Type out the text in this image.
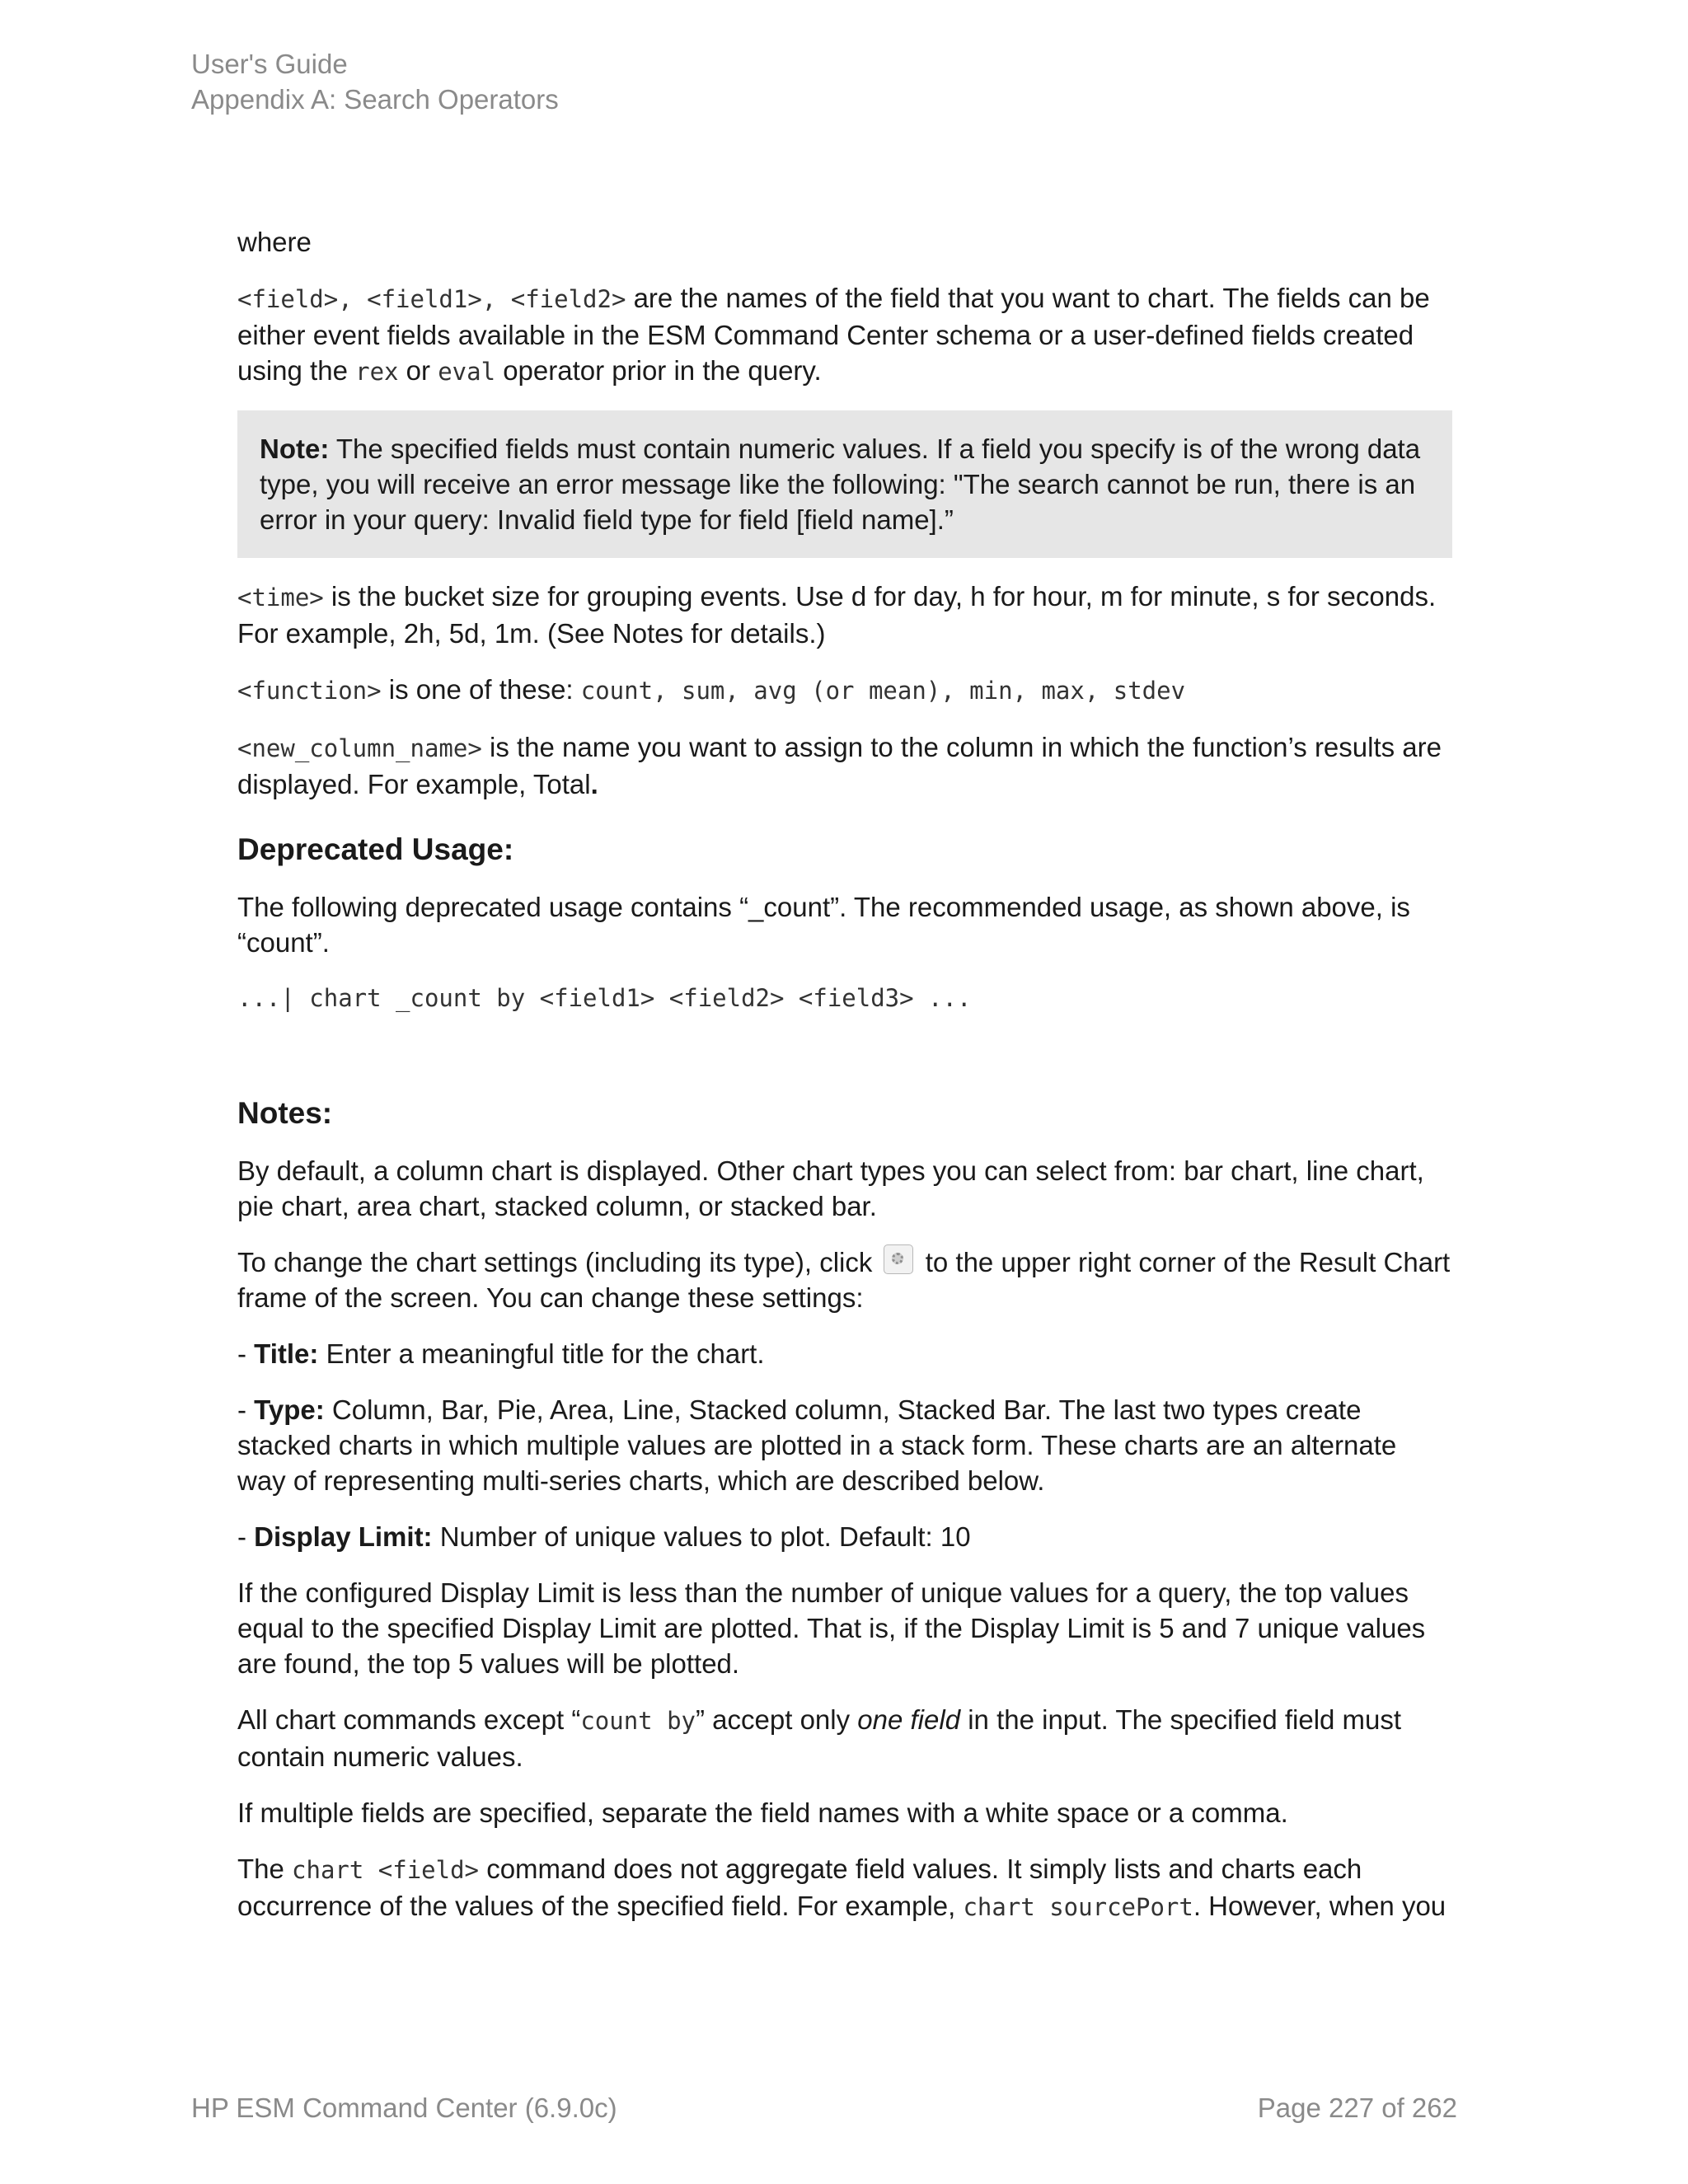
User's Guide
Appendix A: Search Operators
where
<field>, <field1>, <field2> are the names of the field that you want to chart. The fields can be either event fields available in the ESM Command Center schema or a user-defined fields created using the rex or eval operator prior in the query.
Note: The specified fields must contain numeric values. If a field you specify is of the wrong data type, you will receive an error message like the following: "The search cannot be run, there is an error in your query: Invalid field type for field [field name].”
<time> is the bucket size for grouping events. Use d for day, h for hour, m for minute, s for seconds. For example, 2h, 5d, 1m. (See Notes for details.)
<function> is one of these: count, sum, avg (or mean), min, max, stdev
<new_column_name> is the name you want to assign to the column in which the function’s results are displayed. For example, Total.
Deprecated Usage:
The following deprecated usage contains “_count”. The recommended usage, as shown above, is “count”.
...| chart _count by <field1> <field2> <field3> ...
Notes:
By default, a column chart is displayed. Other chart types you can select from: bar chart, line chart, pie chart, area chart, stacked column, or stacked bar.
To change the chart settings (including its type), click  to the upper right corner of the Result Chart frame of the screen. You can change these settings:
- Title: Enter a meaningful title for the chart.
- Type: Column, Bar, Pie, Area, Line, Stacked column, Stacked Bar. The last two types create stacked charts in which multiple values are plotted in a stack form. These charts are an alternate way of representing multi-series charts, which are described below.
- Display Limit: Number of unique values to plot. Default: 10
If the configured Display Limit is less than the number of unique values for a query, the top values equal to the specified Display Limit are plotted. That is, if the Display Limit is 5 and 7 unique values are found, the top 5 values will be plotted.
All chart commands except “count by” accept only one field in the input. The specified field must contain numeric values.
If multiple fields are specified, separate the field names with a white space or a comma.
The chart <field> command does not aggregate field values. It simply lists and charts each occurrence of the values of the specified field. For example, chart sourcePort. However, when you
HP ESM Command Center (6.9.0c)	Page 227 of 262
